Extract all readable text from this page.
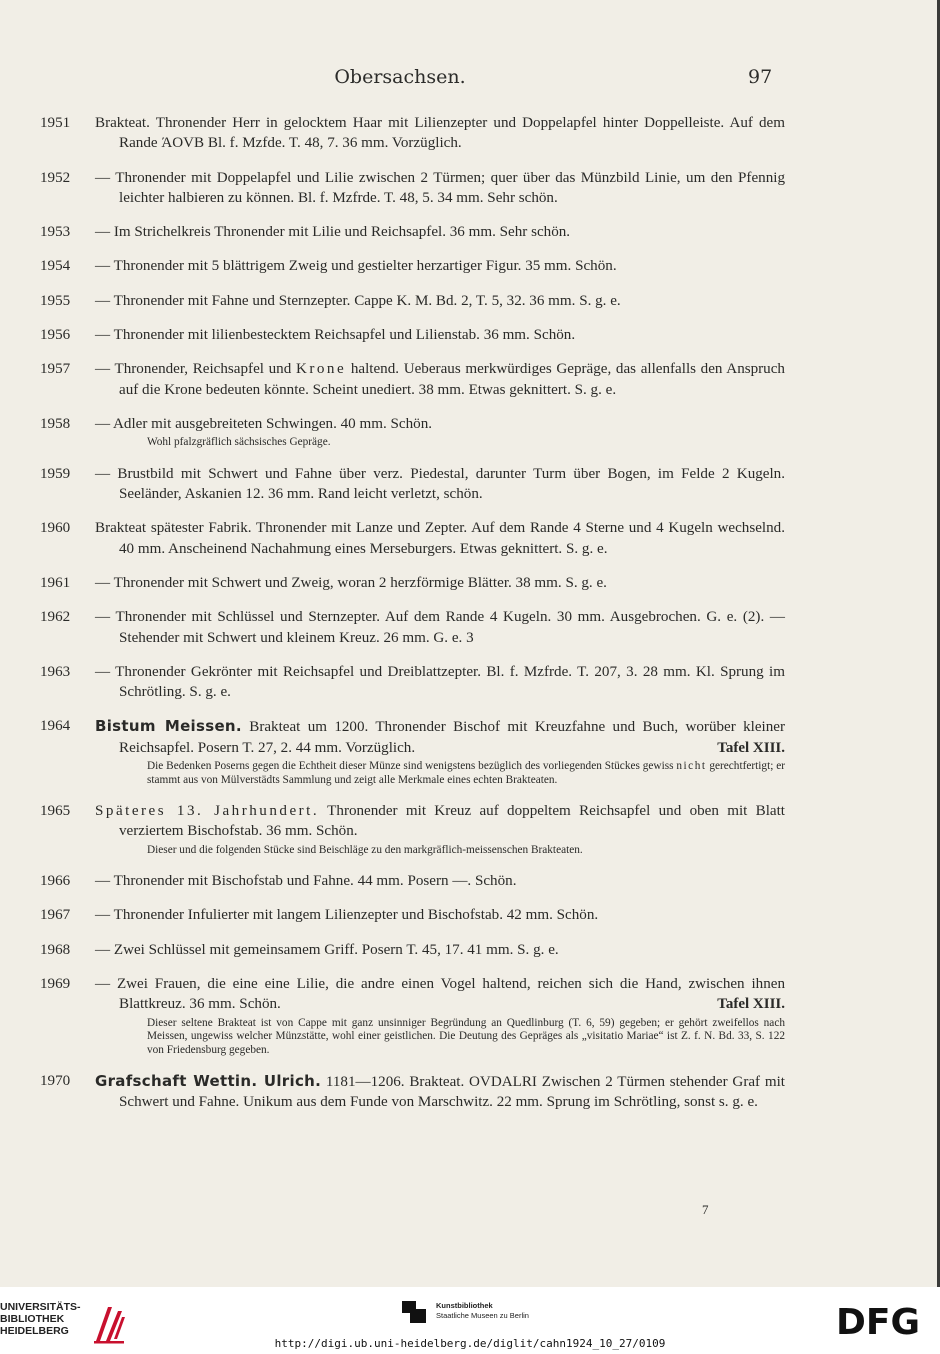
Obersachsen.	97
1951 Brakteat. Thronender Herr in gelocktem Haar mit Lilienzepter und Doppelapfel hinter Doppelleiste. Auf dem Rande ΆOVB Bl. f. Mzfde. T. 48, 7. 36 mm. Vorzüglich.
1952 — Thronender mit Doppelapfel und Lilie zwischen 2 Türmen; quer über das Münzbild Linie, um den Pfennig leichter halbieren zu können. Bl. f. Mzfrde. T. 48, 5. 34 mm. Sehr schön.
1953 — Im Strichelkreis Thronender mit Lilie und Reichsapfel. 36 mm. Sehr schön.
1954 — Thronender mit 5 blättrigem Zweig und gestielter herzartiger Figur. 35 mm. Schön.
1955 — Thronender mit Fahne und Sternzepter. Cappe K. M. Bd. 2, T. 5, 32. 36 mm. S. g. e.
1956 — Thronender mit lilienbestecktem Reichsapfel und Lilienstab. 36 mm. Schön.
1957 — Thronender, Reichsapfel und Krone haltend. Ueberaus merkwürdiges Gepräge, das allenfalls den Anspruch auf die Krone bedeuten könnte. Scheint unediert. 38 mm. Etwas geknittert. S. g. e.
1958 — Adler mit ausgebreiteten Schwingen. 40 mm. Schön.
Wohl pfalzgräflich sächsisches Gepräge.
1959 — Brustbild mit Schwert und Fahne über verz. Piedestal, darunter Turm über Bogen, im Felde 2 Kugeln. Seeländer, Askanien 12. 36 mm. Rand leicht verletzt, schön.
1960 Brakteat spätester Fabrik. Thronender mit Lanze und Zepter. Auf dem Rande 4 Sterne und 4 Kugeln wechselnd. 40 mm. Anscheinend Nachahmung eines Merseburgers. Etwas geknittert. S. g. e.
1961 — Thronender mit Schwert und Zweig, woran 2 herzförmige Blätter. 38 mm. S. g. e.
1962 — Thronender mit Schlüssel und Sternzepter. Auf dem Rande 4 Kugeln. 30 mm. Ausgebrochen. G. e. (2). — Stehender mit Schwert und kleinem Kreuz. 26 mm. G. e. 3
1963 — Thronender Gekrönter mit Reichsapfel und Dreiblattzepter. Bl. f. Mzfrde. T. 207, 3. 28 mm. Kl. Sprung im Schrötling. S. g. e.
1964 Bistum Meissen. Brakteat um 1200. Thronender Bischof mit Kreuzfahne und Buch, worüber kleiner Reichsapfel. Posern T. 27, 2. 44 mm. Vorzüglich.	Tafel XIII.
Die Bedenken Poserns gegen die Echtheit dieser Münze sind wenigstens bezüglich des vorliegenden Stückes gewiss nicht gerechtfertigt; er stammt aus von Mülverstädts Sammlung und zeigt alle Merkmale eines echten Brakteaten.
1965 Späteres 13. Jahrhundert. Thronender mit Kreuz auf doppeltem Reichsapfel und oben mit Blatt verziertem Bischofstab. 36 mm. Schön.
Dieser und die folgenden Stücke sind Beischläge zu den markgräflich-meissenschen Brakteaten.
1966 — Thronender mit Bischofstab und Fahne. 44 mm. Posern —. Schön.
1967 — Thronender Infulierter mit langem Lilienzepter und Bischofstab. 42 mm. Schön.
1968 — Zwei Schlüssel mit gemeinsamem Griff. Posern T. 45, 17. 41 mm. S. g. e.
1969 — Zwei Frauen, die eine eine Lilie, die andre einen Vogel haltend, reichen sich die Hand, zwischen ihnen Blattkreuz. 36 mm. Schön.	Tafel XIII.
Dieser seltene Brakteat ist von Cappe mit ganz unsinniger Begründung an Quedlinburg (T. 6, 59) gegeben; er gehört zweifellos nach Meissen, ungewiss welcher Münzstätte, wohl einer geistlichen. Die Deutung des Gepräges als „visitatio Mariae“ ist Z. f. N. Bd. 33, S. 122 von Friedensburg gegeben.
1970 Grafschaft Wettin. Ulrich. 1181—1206. Brakteat. OVDALRI Zwischen 2 Türmen stehender Graf mit Schwert und Fahne. Unikum aus dem Funde von Marschwitz. 22 mm. Sprung im Schrötling, sonst s. g. e.
7
UNIVERSITÄTS-
BIBLIOTHEK
HEIDELBERG
Kunstbibliothek
Staatliche Museen zu Berlin	DFG
http://digi.ub.uni-heidelberg.de/diglit/cahn1924_10_27/0109
